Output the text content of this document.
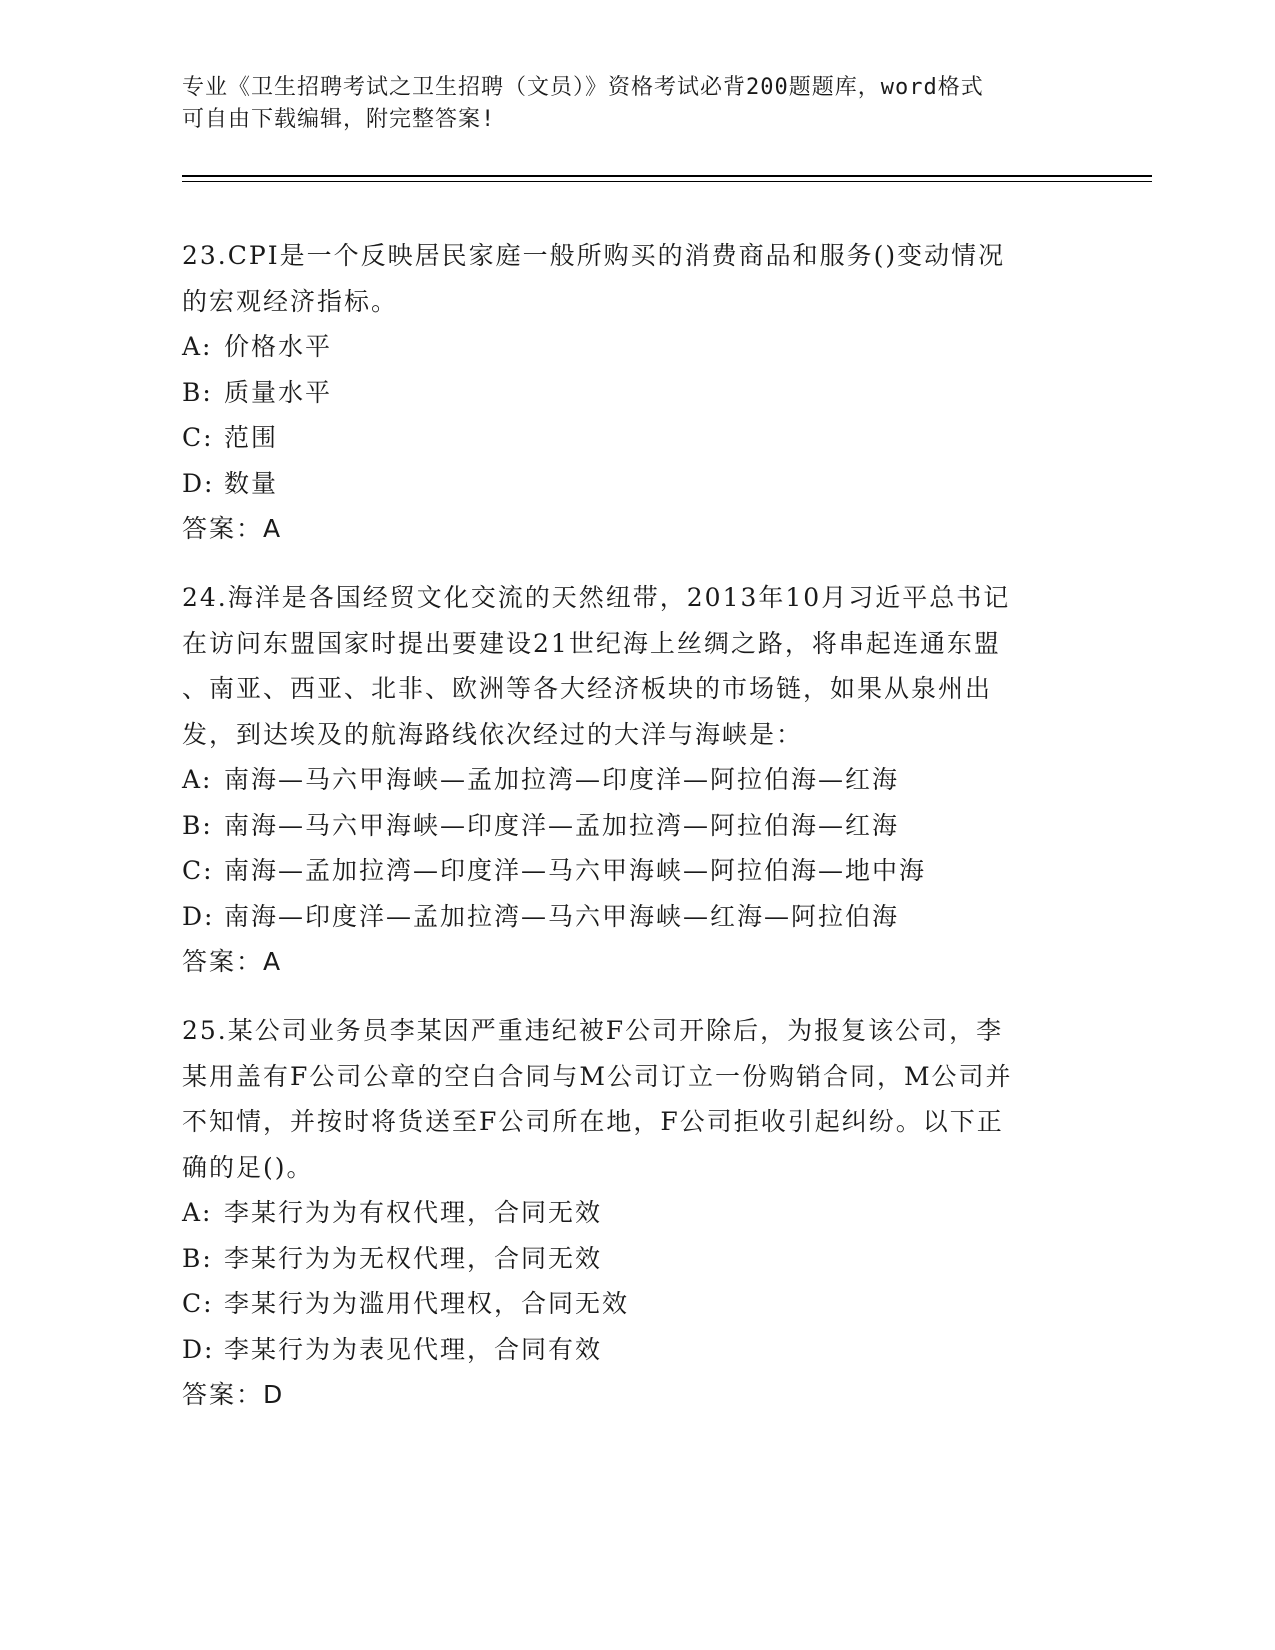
专业《卫生招聘考试之卫生招聘（文员）》资格考试必背200题题库，word格式
可自由下载编辑，附完整答案!

23.CPI是一个反映居民家庭一般所购买的消费商品和服务()变动情况

的宏观经济指标。

A: 价格水平

B: 质量水平

C: 范围

D: 数量

答案：A

24.海洋是各国经贸文化交流的天然纽带，2013年10月习近平总书记

在访问东盟国家时提出要建设21世纪海上丝绸之路，将串起连通东盟

、南亚、西亚、北非、欧洲等各大经济板块的市场链，如果从泉州出

发，到达埃及的航海路线依次经过的大洋与海峡是：

A: 南海—马六甲海峡—孟加拉湾—印度洋—阿拉伯海—红海

B: 南海—马六甲海峡—印度洋—孟加拉湾—阿拉伯海—红海

C: 南海—孟加拉湾—印度洋—马六甲海峡—阿拉伯海—地中海

D: 南海—印度洋—孟加拉湾—马六甲海峡—红海—阿拉伯海

答案：A

25.某公司业务员李某因严重违纪被F公司开除后，为报复该公司，李

某用盖有F公司公章的空白合同与M公司订立一份购销合同，M公司并

不知情，并按时将货送至F公司所在地，F公司拒收引起纠纷。以下正

确的足()。

A: 李某行为为有权代理，合同无效

B: 李某行为为无权代理，合同无效

C: 李某行为为滥用代理权，合同无效

D: 李某行为为表见代理，合同有效

答案：D
